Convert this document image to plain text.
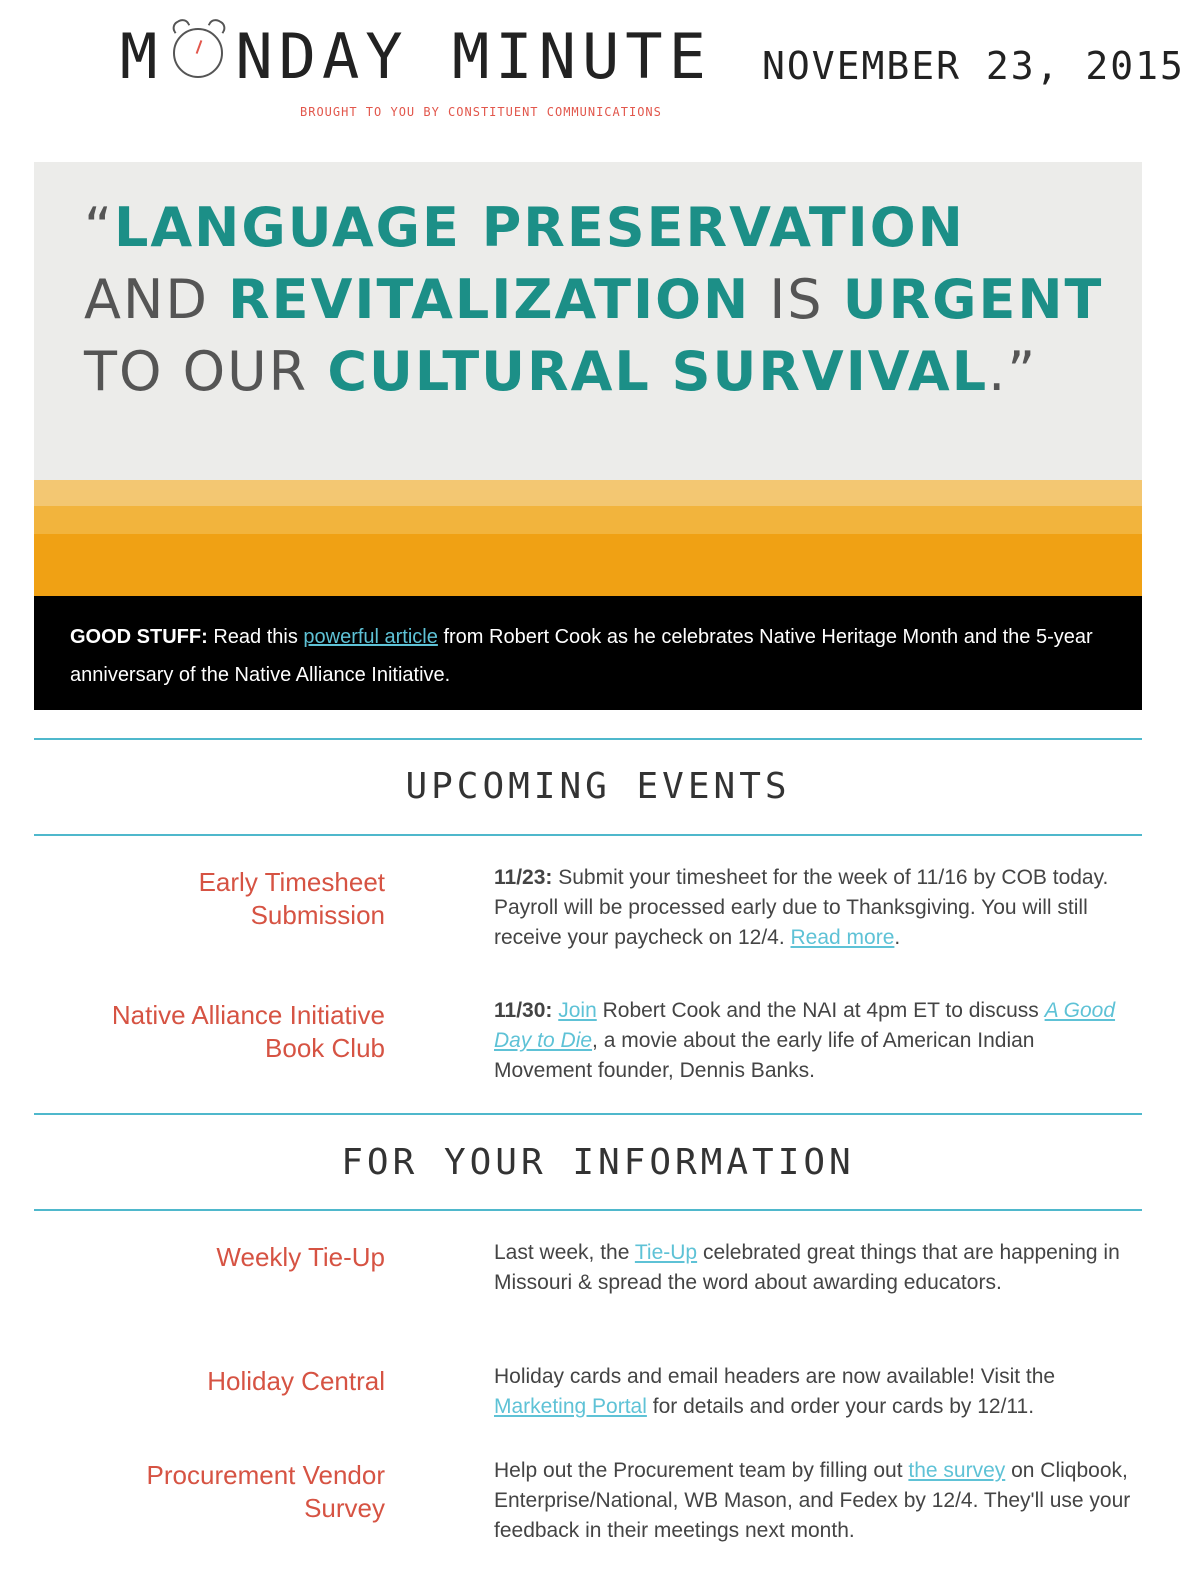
M NDAY MINUTE
BROUGHT TO YOU BY CONSTITUENT COMMUNICATIONS
NOVEMBER 23, 2015

“LANGUAGE PRESERVATION
AND REVITALIZATION IS URGENT
TO OUR CULTURAL SURVIVAL.”

GOOD STUFF: Read this powerful article from Robert Cook as he celebrates Native Heritage Month and the 5-year anniversary of the Native Alliance Initiative.
UPCOMING EVENTS
Early Timesheet Submission
11/23: Submit your timesheet for the week of 11/16 by COB today. Payroll will be processed early due to Thanksgiving. You will still receive your paycheck on 12/4. Read more.
Native Alliance Initiative Book Club
11/30: Join Robert Cook and the NAI at 4pm ET to discuss A Good Day to Die, a movie about the early life of American Indian Movement founder, Dennis Banks.
FOR YOUR INFORMATION
Weekly Tie-Up	Last week, the Tie-Up celebrated great things that are happening in Missouri & spread the word about awarding educators.
Holiday Central	Holiday cards and email headers are now available! Visit the Marketing Portal for details and order your cards by 12/11.
Procurement Vendor Survey
Help out the Procurement team by filling out the survey on Cliqbook, Enterprise/National, WB Mason, and Fedex by 12/4. They'll use your feedback in their meetings next month.
